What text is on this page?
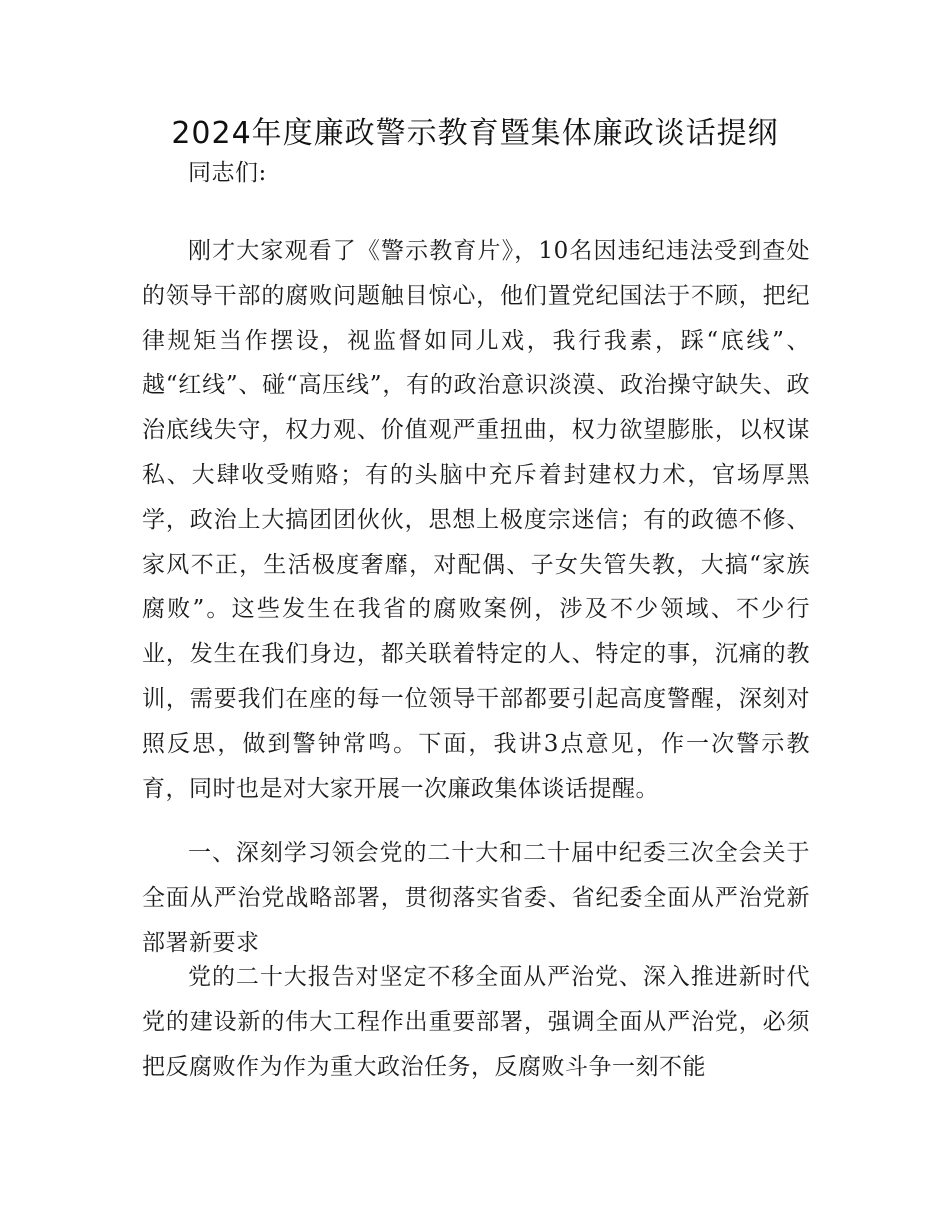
2024年度廉政警示教育暨集体廉政谈话提纲

同志们:

刚才大家观看了《警示教育片》，10名因违纪违法受到查处的领导干部的腐败问题触目惊心，他们置党纪国法于不顾，把纪律规矩当作摆设，视监督如同儿戏，我行我素，踩“底线”、越“红线”、碰“高压线”，有的政治意识淡漠、政治操守缺失、政治底线失守，权力观、价值观严重扭曲，权力欲望膨胀，以权谋私、大肆收受贿赂；有的头脑中充斥着封建权力术，官场厚黑学，政治上大搞团团伙伙，思想上极度宗迷信；有的政德不修、家风不正，生活极度奢靡，对配偶、子女失管失教，大搞“家族腐败”。这些发生在我省的腐败案例，涉及不少领域、不少行业，发生在我们身边，都关联着特定的人、特定的事，沉痛的教训，需要我们在座的每一位领导干部都要引起高度警醒，深刻对照反思，做到警钟常鸣。下面，我讲3点意见，作一次警示教育，同时也是对大家开展一次廉政集体谈话提醒。

一、深刻学习领会党的二十大和二十届中纪委三次全会关于全面从严治党战略部署，贯彻落实省委、省纪委全面从严治党新部署新要求

党的二十大报告对坚定不移全面从严治党、深入推进新时代党的建设新的伟大工程作出重要部署，强调全面从严治党，必须把反腐败作为作为重大政治任务，反腐败斗争一刻不能
